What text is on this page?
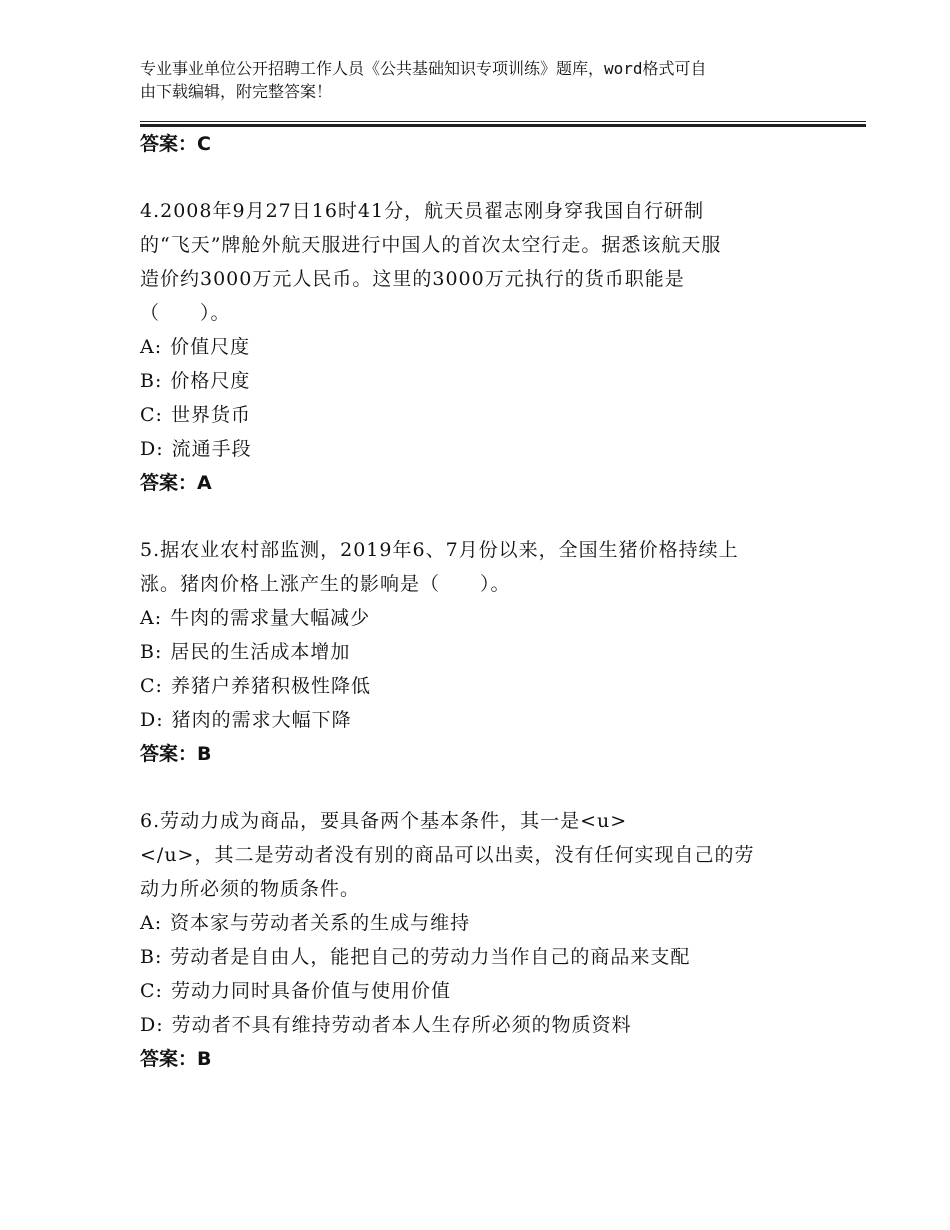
专业事业单位公开招聘工作人员《公共基础知识专项训练》题库，word格式可自
由下载编辑，附完整答案！

答案：C

4.2008年9月27日16时41分，航天员翟志刚身穿我国自行研制

的“飞天”牌舱外航天服进行中国人的首次太空行走。据悉该航天服

造价约3000万元人民币。这里的3000万元执行的货币职能是

（　　）。

A: 价值尺度
B: 价格尺度
C: 世界货币
D: 流通手段

答案：A

5.据农业农村部监测，2019年6、7月份以来，全国生猪价格持续上

涨。猪肉价格上涨产生的影响是（　　）。

A: 牛肉的需求量大幅减少
B: 居民的生活成本增加
C: 养猪户养猪积极性降低
D: 猪肉的需求大幅下降

答案：B

6.劳动力成为商品，要具备两个基本条件，其一是<u>

</u>，其二是劳动者没有别的商品可以出卖，没有任何实现自己的劳

动力所必须的物质条件。

A: 资本家与劳动者关系的生成与维持
B: 劳动者是自由人，能把自己的劳动力当作自己的商品来支配
C: 劳动力同时具备价值与使用价值
D: 劳动者不具有维持劳动者本人生存所必须的物质资料

答案：B
